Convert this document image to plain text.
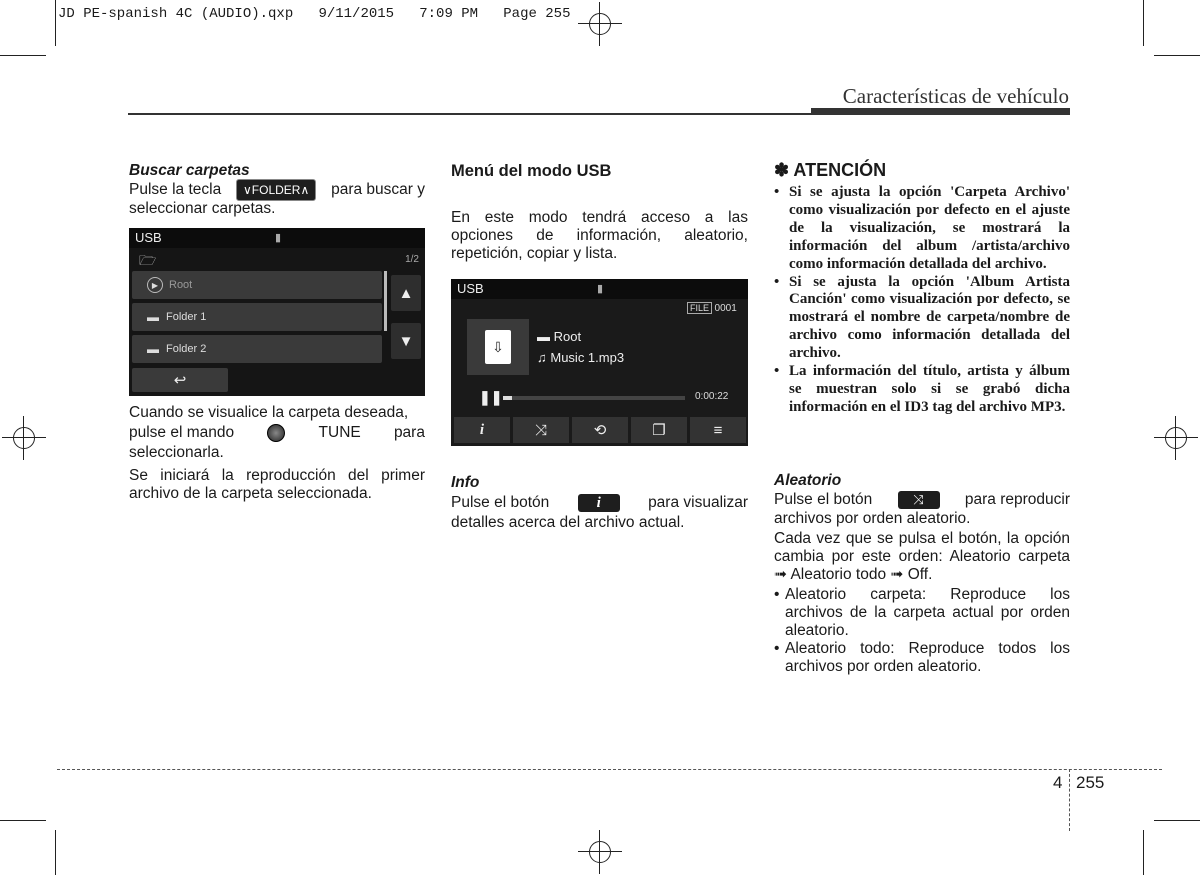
JD PE-spanish 4C (AUDIO).qxp   9/11/2015   7:09 PM   Page 255
Características de vehículo

Buscar carpetas

Pulse la tecla	∨FOLDER∧	para buscar y

seleccionar carpetas.

USB	▮
🗁	1/2
▶ Root
▬ Folder 1
▬ Folder 2
▲
▼
↩

Cuando se visualice la carpeta deseada,

pulse el mando	TUNE para

seleccionarla.

Se iniciará la reproducción del primer archivo de la carpeta seleccionada.

Menú del modo USB

En este modo tendrá acceso a las opciones de información, aleatorio, repetición, copiar y lista.

USB	▮
FILE 0001
⇩
▬ Root
♫ Music 1.mp3
❚❚	0:00:22
i	⤨	⟲	❐	≡

Info

Pulse el botón	i	para visualizar

detalles acerca del archivo actual.

✽ ATENCIÓN

• Si se ajusta la opción 'Carpeta Archivo' como visualización por defecto en el ajuste de la visualización, se mostrará la información del album /artista/archivo como información detallada del archivo.
• Si se ajusta la opción 'Album Artista Canción' como visualización por defecto, se mostrará el nombre de carpeta/nombre de archivo como información detallada del archivo.
• La información del título, artista y álbum se muestran solo si se grabó dicha información en el ID3 tag del archivo MP3.

Aleatorio

Pulse el botón	⤨	para reproducir

archivos por orden aleatorio.

Cada vez que se pulsa el botón, la opción cambia por este orden: Aleatorio carpeta ➟ Aleatorio todo ➟ Off.

• Aleatorio carpeta: Reproduce los archivos de la carpeta actual por orden aleatorio.
• Aleatorio todo: Reproduce todos los archivos por orden aleatorio.
4 255
